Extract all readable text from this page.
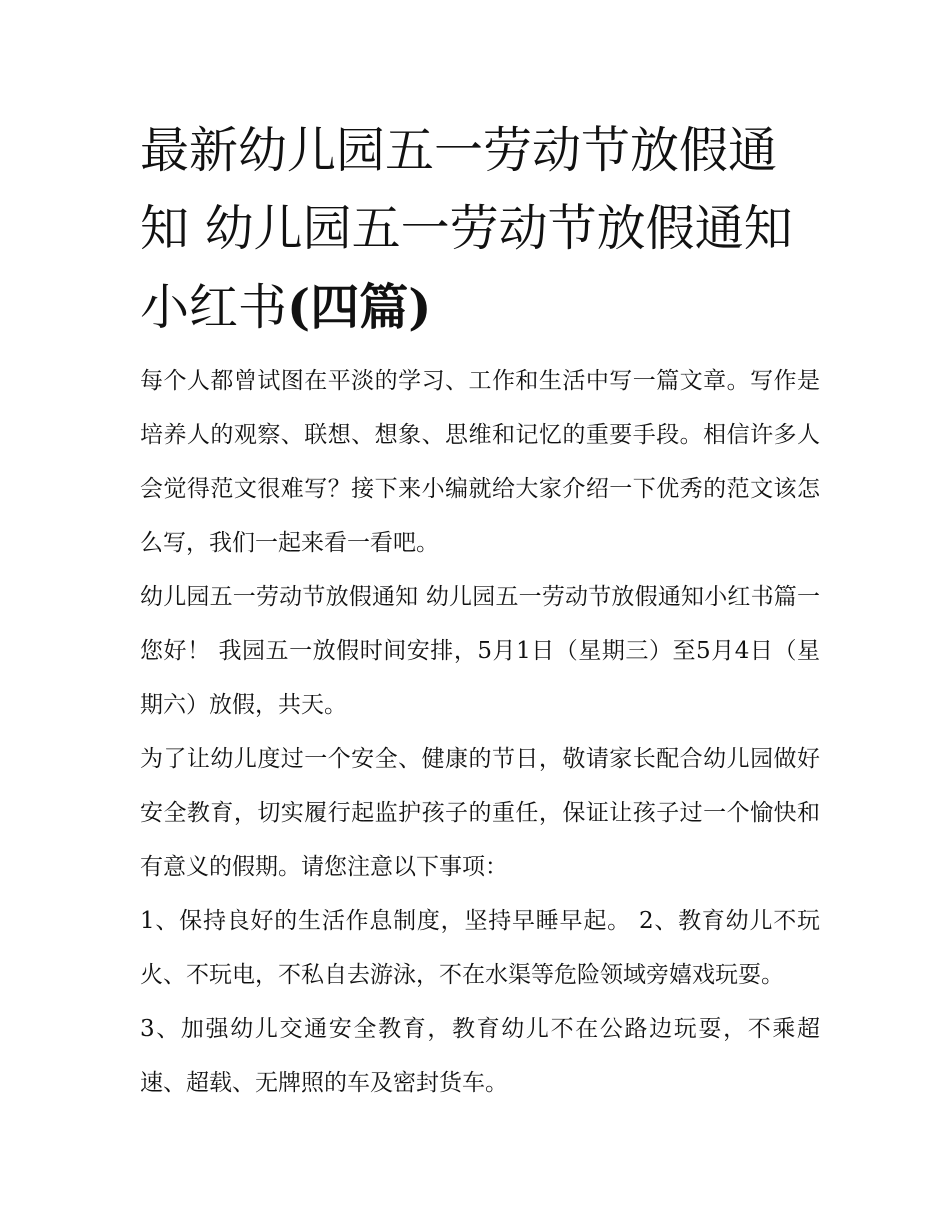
最新幼儿园五一劳动节放假通知 幼儿园五一劳动节放假通知小红书(四篇)

每个人都曾试图在平淡的学习、工作和生活中写一篇文章。写作是培养人的观察、联想、想象、思维和记忆的重要手段。相信许多人会觉得范文很难写？接下来小编就给大家介绍一下优秀的范文该怎么写，我们一起来看一看吧。

幼儿园五一劳动节放假通知 幼儿园五一劳动节放假通知小红书篇一 您好！ 我园五一放假时间安排，5月1日（星期三）至5月4日（星期六）放假，共天。

为了让幼儿度过一个安全、健康的节日，敬请家长配合幼儿园做好安全教育，切实履行起监护孩子的重任，保证让孩子过一个愉快和有意义的假期。请您注意以下事项：

1、保持良好的生活作息制度，坚持早睡早起。 2、教育幼儿不玩火、不玩电，不私自去游泳，不在水渠等危险领域旁嬉戏玩耍。

3、加强幼儿交通安全教育，教育幼儿不在公路边玩耍，不乘超速、超载、无牌照的车及密封货车。
